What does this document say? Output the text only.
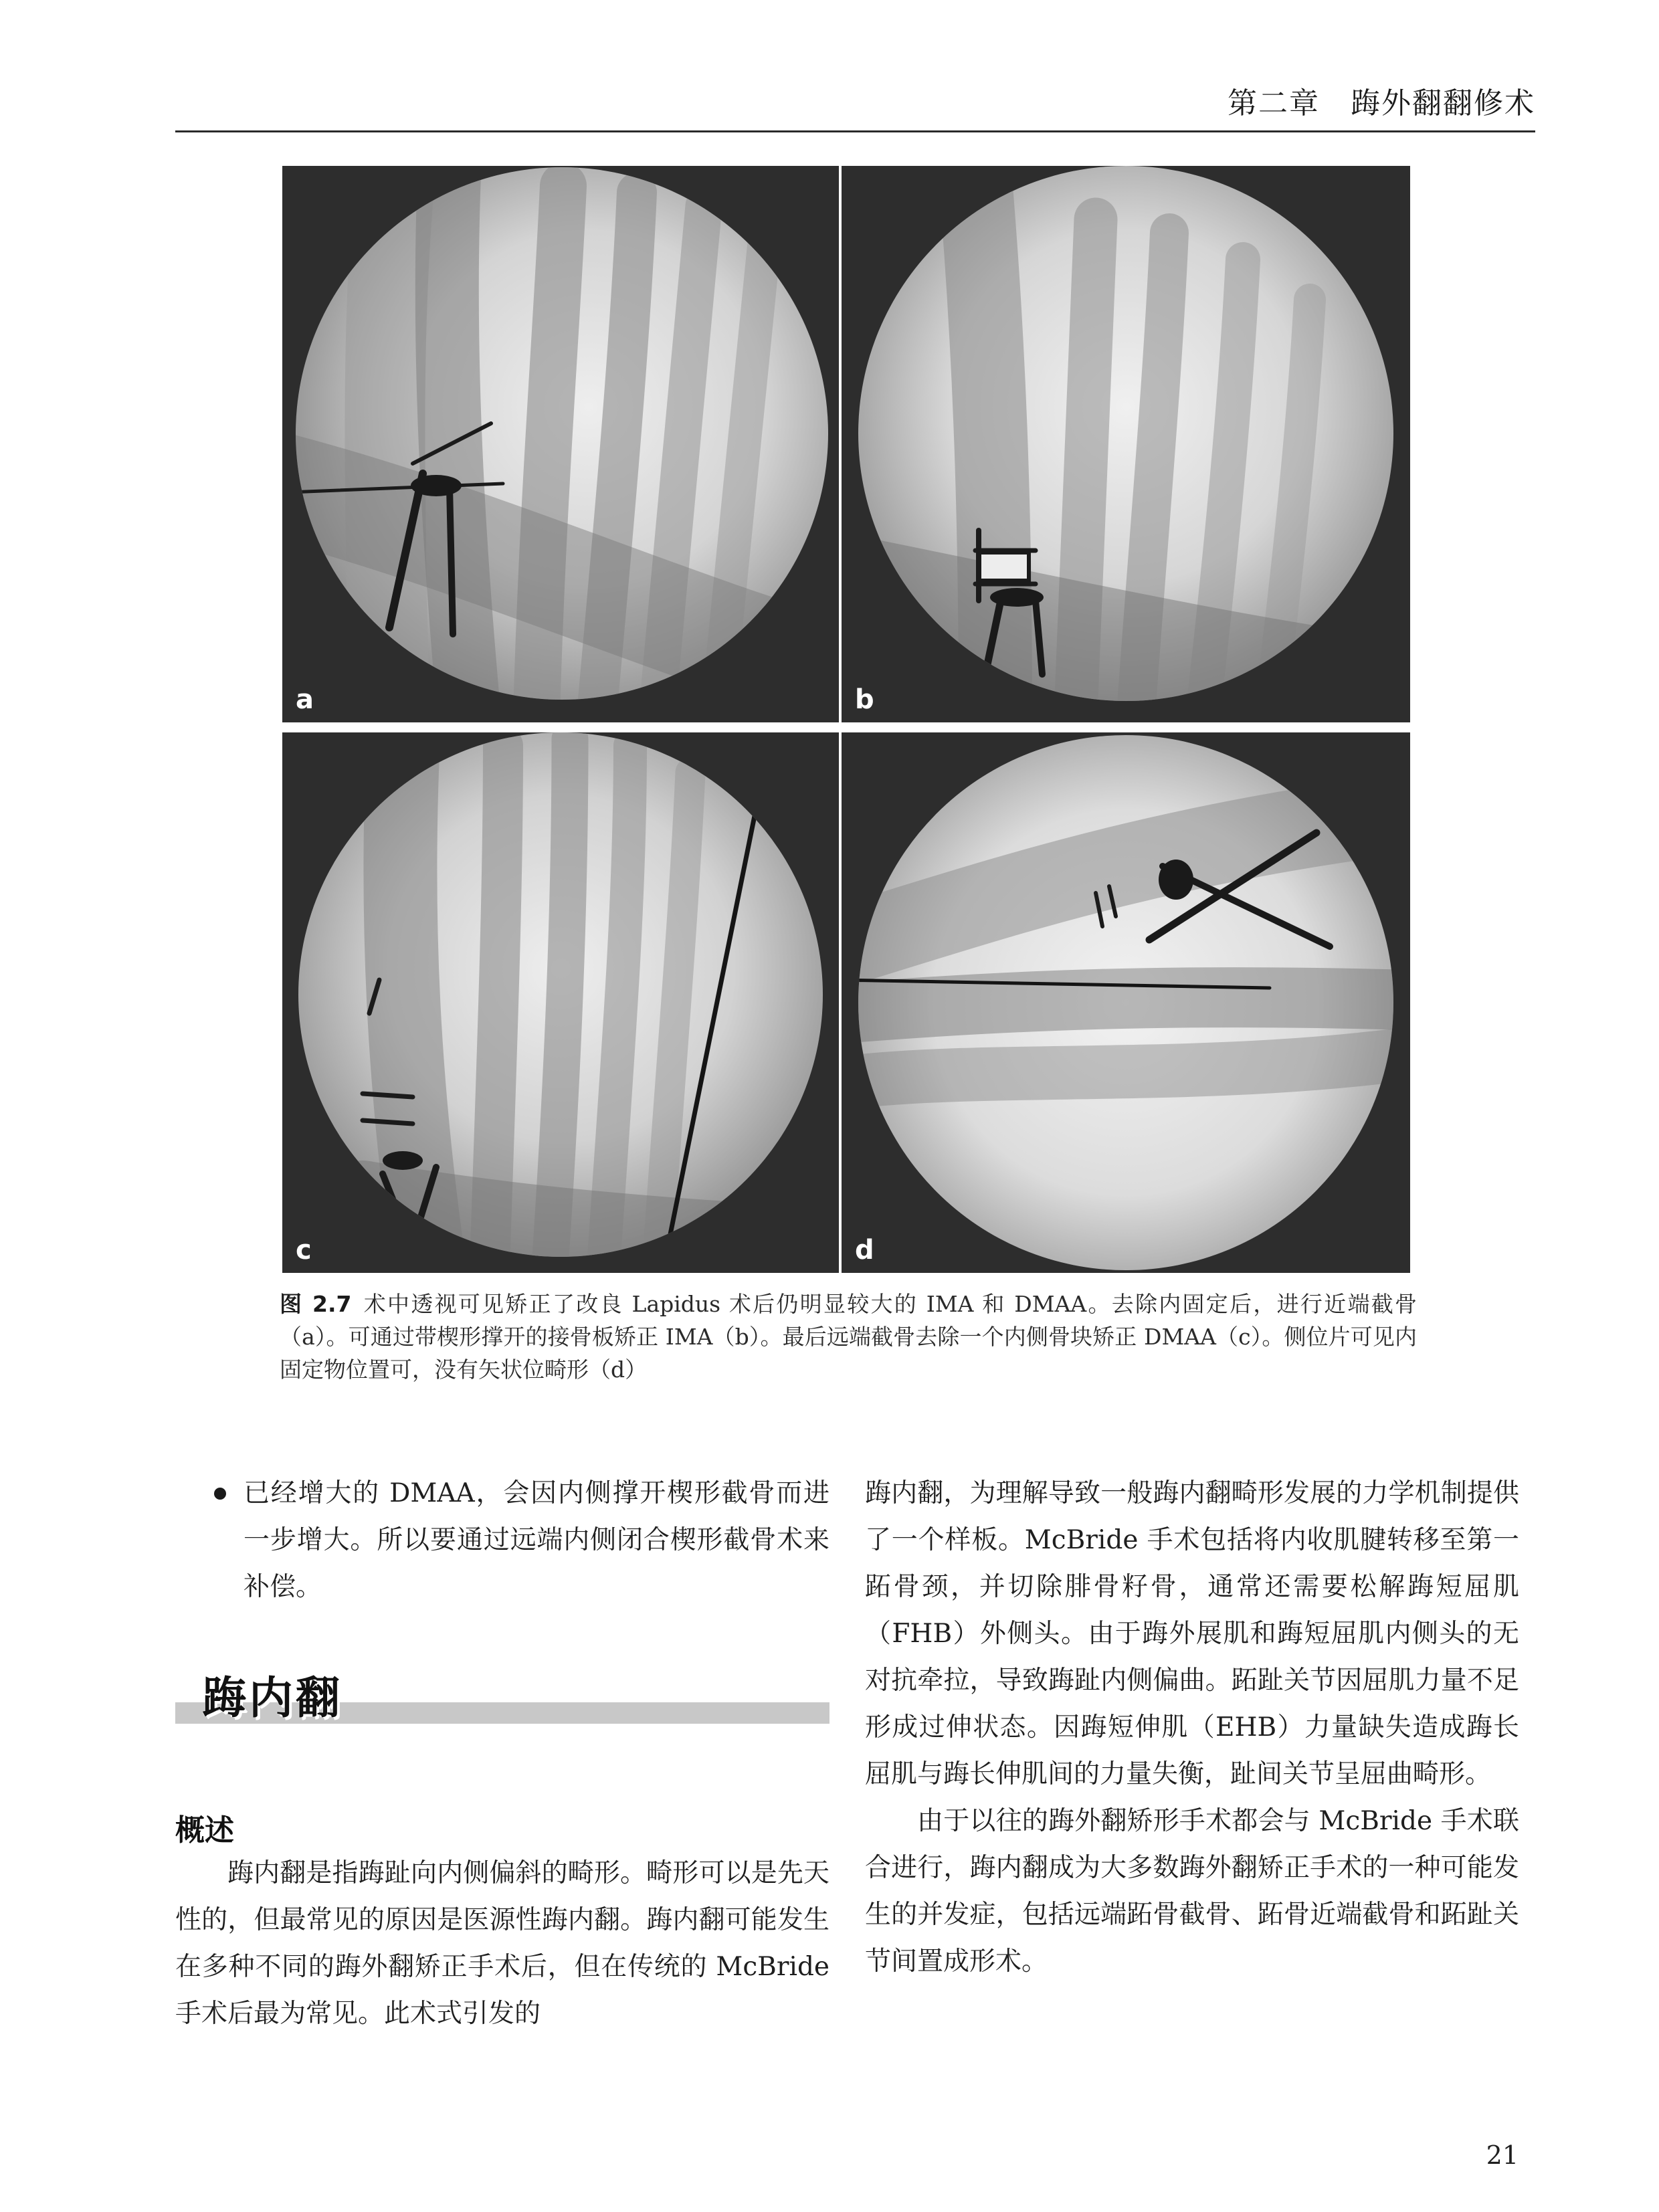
第二章　踇外翻翻修术
a	b
c	d
图 2.7 术中透视可见矫正了改良 Lapidus 术后仍明显较大的 IMA 和 DMAA。去除内固定后，进行近端截骨（a）。可通过带楔形撑开的接骨板矫正 IMA（b）。最后远端截骨去除一个内侧骨块矫正 DMAA（c）。侧位片可见内固定物位置可，没有矢状位畸形（d）

已经增大的 DMAA，会因内侧撑开楔形截骨而进一步增大。所以要通过远端内侧闭合楔形截骨术来补偿。

踇内翻
概述

踇内翻是指踇趾向内侧偏斜的畸形。畸形可以是先天性的，但最常见的原因是医源性踇内翻。踇内翻可能发生在多种不同的踇外翻矫正手术后，但在传统的 McBride 手术后最为常见。此术式引发的

踇内翻，为理解导致一般踇内翻畸形发展的力学机制提供了一个样板。McBride 手术包括将内收肌腱转移至第一跖骨颈，并切除腓骨籽骨，通常还需要松解踇短屈肌（FHB）外侧头。由于踇外展肌和踇短屈肌内侧头的无对抗牵拉，导致踇趾内侧偏曲。跖趾关节因屈肌力量不足形成过伸状态。因踇短伸肌（EHB）力量缺失造成踇长屈肌与踇长伸肌间的力量失衡，趾间关节呈屈曲畸形。

由于以往的踇外翻矫形手术都会与 McBride 手术联合进行，踇内翻成为大多数踇外翻矫正手术的一种可能发生的并发症，包括远端跖骨截骨、跖骨近端截骨和跖趾关节间置成形术。

21
